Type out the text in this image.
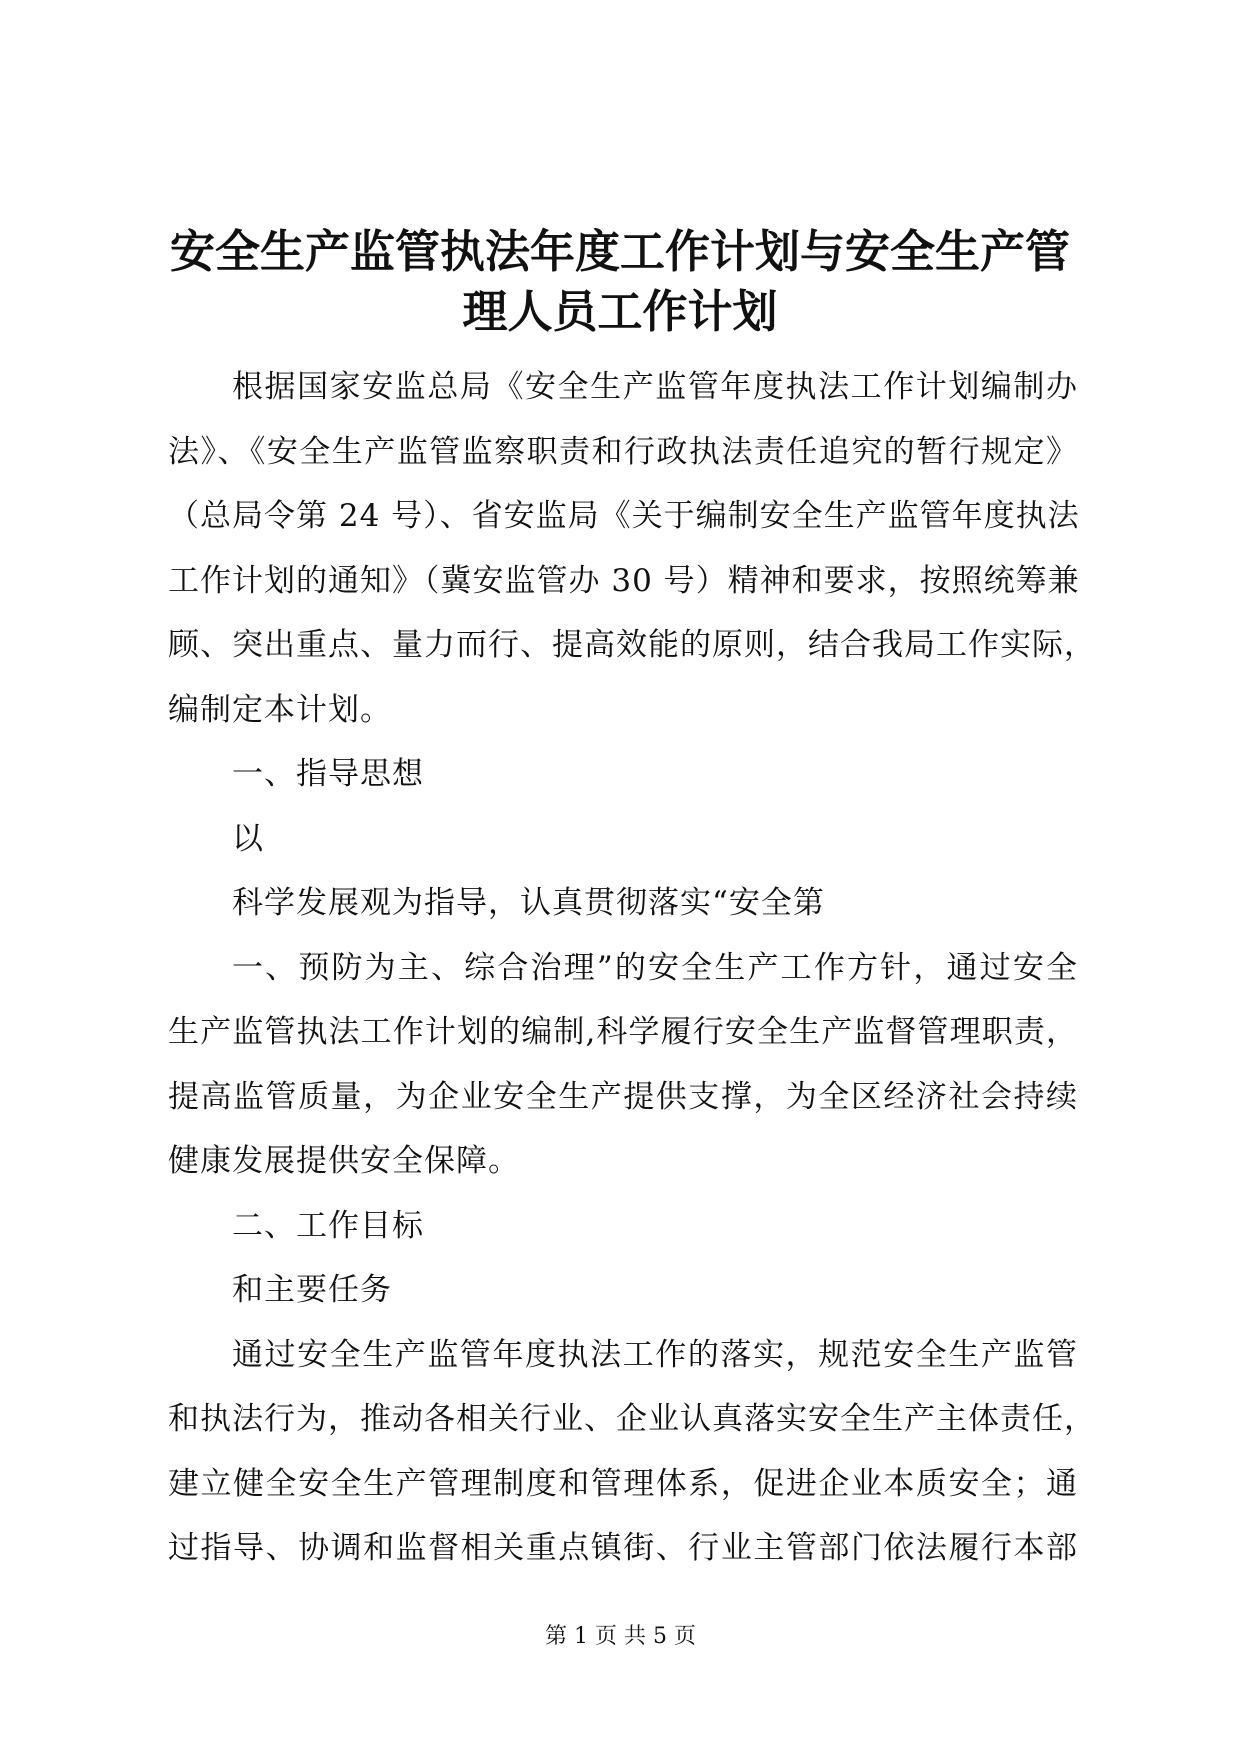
安全生产监管执法年度工作计划与安全生产管
理人员工作计划
根据国家安监总局《安全生产监管年度执法工作计划编制办
法》、《安全生产监管监察职责和行政执法责任追究的暂行规定》
（总局令第 24 号）、省安监局《关于编制安全生产监管年度执法
工作计划的通知》（冀安监管办 30 号）精神和要求，按照统筹兼
顾、突出重点、量力而行、提高效能的原则，结合我局工作实际，
编制定本计划。
一、指导思想
以
科学发展观为指导，认真贯彻落实“安全第
一、预防为主、综合治理”的安全生产工作方针，通过安全
生产监管执法工作计划的编制,科学履行安全生产监督管理职责，
提高监管质量，为企业安全生产提供支撑，为全区经济社会持续
健康发展提供安全保障。
二、工作目标
和主要任务
通过安全生产监管年度执法工作的落实，规范安全生产监管
和执法行为，推动各相关行业、企业认真落实安全生产主体责任，
建立健全安全生产管理制度和管理体系，促进企业本质安全；通
过指导、协调和监督相关重点镇街、行业主管部门依法履行本部
第 1 页 共 5 页
